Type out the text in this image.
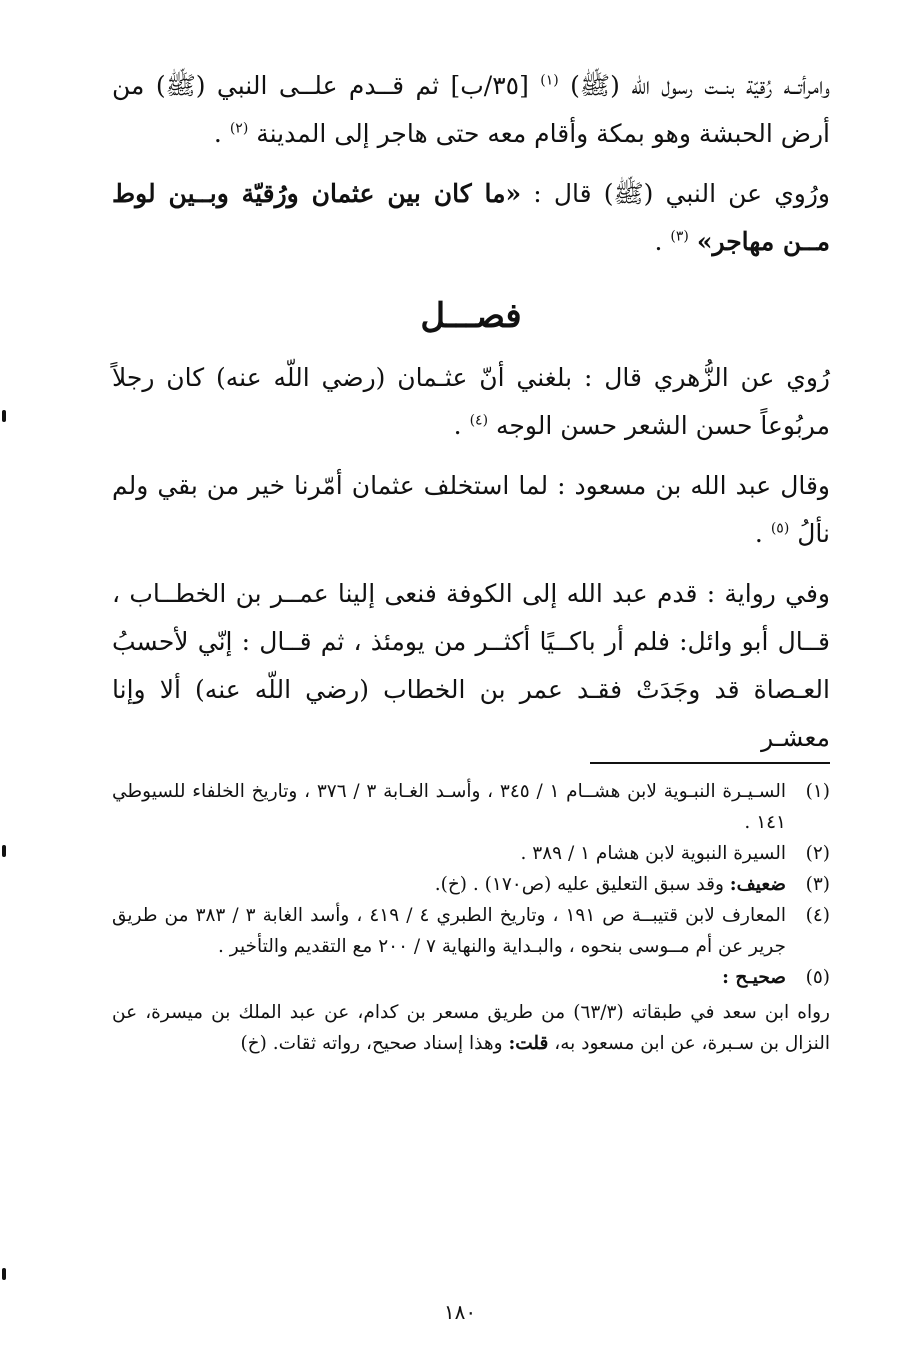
وامرأتــه رُقيّة بنــت رسول الله (ﷺ) $^{(١)}$ [٣٥/ب] ثم قــدم علــى النبي (ﷺ) من أرض الحبشة وهو بمكة وأقام معه حتى هاجر إلى المدينة $^{(٢)}$ .

ورُوي عن النبي (ﷺ) قال : «ما كان بين عثمان ورُقيّة وبــين لوط مــن مهاجر» $^{(٣)}$ .

فصـــل

رُوي عن الزُّهري قال : بلغني أنّ عثـمان (رضي اللّه عنه) كان رجلاً مربُوعاً حسن الشعر حسن الوجه $^{(٤)}$ .

وقال عبد الله بن مسعود : لما استخلف عثمان أمّرنا خير من بقي ولم نألُ $^{(٥)}$ .

وفي رواية : قدم عبد الله إلى الكوفة فنعى إلينا عمــر بن الخطــاب ، قــال أبو وائل: فلم أر باكــيًا أكثــر من يومئذ ، ثم قــال : إنّي لأحسبُ العـصاة قد وجَدَتْ فقـد عمر بن الخطاب (رضي اللّه عنه) ألا وإنا معشـر

(١)
السـيـرة النبـوية لابن هشــام ١ / ٣٤٥ ، وأسـد الغـابة ٣ / ٣٧٦ ، وتاريخ الخلفاء للسيوطي ١٤١ .
(٢)
السيرة النبوية لابن هشام ١ / ٣٨٩ .
(٣)
ضعيف: وقد سبق التعليق عليه (ص١٧٠) . (خ).
(٤)
المعارف لابن قتيبــة ص ١٩١ ، وتاريخ الطبري ٤ / ٤١٩ ، وأسد الغابة ٣ / ٣٨٣ من طريق جرير عن أم مــوسى بنحوه ، والبـداية والنهاية ٧ / ٢٠٠ مع التقديم والتأخير .
(٥)
صحيـح :
رواه ابن سعد في طبقاته (٦٣/٣) من طريق مسعر بن كدام، عن عبد الملك بن ميسرة، عن النزال بن سـبرة، عن ابن مسعود به، قلت: وهذا إسناد صحيح، رواته ثقات. (خ)
١٨٠
